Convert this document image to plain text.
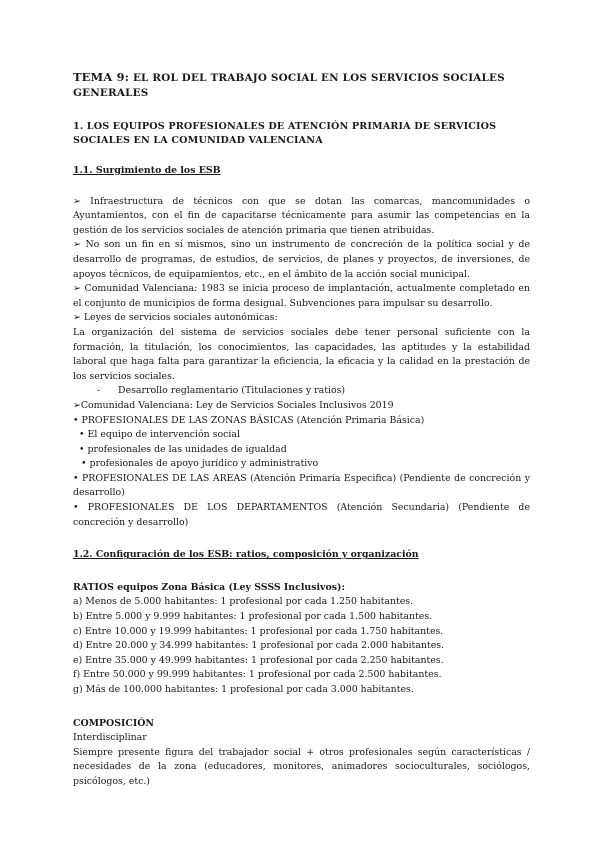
TEMA 9: EL ROL DEL TRABAJO SOCIAL EN LOS SERVICIOS SOCIALES GENERALES

1. LOS EQUIPOS PROFESIONALES DE ATENCIÓN PRIMARIA DE SERVICIOS SOCIALES EN LA COMUNIDAD VALENCIANA

1.1. Surgimiento de los ESB

➢ Infraestructura de técnicos con que se dotan las comarcas, mancomunidades o Ayuntamientos, con el fin de capacitarse técnicamente para asumir las competencias en la gestión de los servicios sociales de atención primaria que tienen atribuidas.

➢ No son un fin en sí mismos, sino un instrumento de concreción de la política social y de desarrollo de programas, de estudios, de servicios, de planes y proyectos, de inversiones, de apoyos técnicos, de equipamientos, etc., en el ámbito de la acción social municipal.

➢ Comunidad Valenciana: 1983 se inicia proceso de implantación, actualmente completado en el conjunto de municipios de forma desigual. Subvenciones para impulsar su desarrollo.

➢ Leyes de servicios sociales autonómicas:

La organización del sistema de servicios sociales debe tener personal suficiente con la formación, la titulación, los conocimientos, las capacidades, las aptitudes y la estabilidad laboral que haga falta para garantizar la eficiencia, la eficacia y la calidad en la prestación de los servicios sociales.

-      Desarrollo reglamentario (Titulaciones y ratios)

➢Comunidad Valenciana: Ley de Servicios Sociales Inclusivos 2019

• PROFESIONALES DE LAS ZONAS BÁSICAS (Atención Primaria Básica)

• El equipo de intervención social

• profesionales de las unidades de igualdad

• profesionales de apoyo jurídico y administrativo

• PROFESIONALES DE LAS AREAS (Atención Primaria Especifica) (Pendiente de concreción y desarrollo)

• PROFESIONALES DE LOS DEPARTAMENTOS (Atención Secundaria) (Pendiente de concreción y desarrollo)

1.2. Configuración de los ESB: ratios, composición y organización

RATIOS equipos Zona Básica (Ley SSSS Inclusivos):

a) Menos de 5.000 habitantes: 1 profesional por cada 1.250 habitantes.

b) Entre 5.000 y 9.999 habitantes: 1 profesional por cada 1.500 habitantes.

c) Entre 10.000 y 19.999 habitantes: 1 profesional por cada 1.750 habitantes.

d) Entre 20.000 y 34.999 habitantes: 1 profesional por cada 2.000 habitantes.

e) Entre 35.000 y 49.999 habitantes: 1 profesional por cada 2.250 habitantes.

f) Entre 50.000 y 99.999 habitantes: 1 profesional por cada 2.500 habitantes.

g) Más de 100.000 habitantes: 1 profesional por cada 3.000 habitantes.

COMPOSICIÓN

Interdisciplinar

Siempre presente figura del trabajador social + otros profesionales según características / necesidades de la zona (educadores, monitores, animadores socioculturales, sociólogos, psicólogos, etc.)
